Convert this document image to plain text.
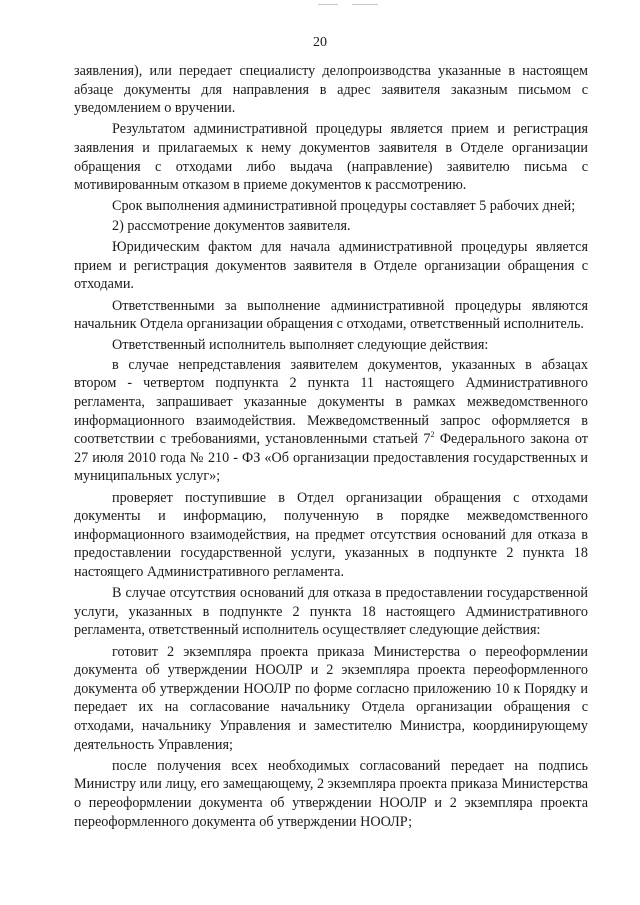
20

заявления), или передает специалисту делопроизводства указанные в настоящем абзаце документы для направления в адрес заявителя заказным письмом с уведомлением о вручении.

Результатом административной процедуры является прием и регистрация заявления и прилагаемых к нему документов заявителя в Отделе организации обращения с отходами либо выдача (направление) заявителю письма с мотивированным отказом в приеме документов к рассмотрению.

Срок выполнения административной процедуры составляет 5 рабочих дней;

2) рассмотрение документов заявителя.

Юридическим фактом для начала административной процедуры является прием и регистрация документов заявителя в Отделе организации обращения с отходами.

Ответственными за выполнение административной процедуры являются начальник Отдела организации обращения с отходами, ответственный исполнитель.

Ответственный исполнитель выполняет следующие действия:

в случае непредставления заявителем документов, указанных в абзацах втором - четвертом подпункта 2 пункта 11 настоящего Административного регламента, запрашивает указанные документы в рамках межведомственного информационного взаимодействия. Межведомственный запрос оформляется в соответствии с требованиями, установленными статьей $7^2$ Федерального закона от 27 июля 2010 года № 210 - ФЗ «Об организации предоставления государственных и муниципальных услуг»;

проверяет поступившие в Отдел организации обращения с отходами документы и информацию, полученную в порядке межведомственного информационного взаимодействия, на предмет отсутствия оснований для отказа в предоставлении государственной услуги, указанных в подпункте 2 пункта 18 настоящего Административного регламента.

В случае отсутствия оснований для отказа в предоставлении государственной услуги, указанных в подпункте 2 пункта 18 настоящего Административного регламента, ответственный исполнитель осуществляет следующие действия:

готовит 2 экземпляра проекта приказа Министерства о переоформлении документа об утверждении НООЛР и 2 экземпляра проекта переоформленного документа об утверждении НООЛР по форме согласно приложению 10 к Порядку и передает их на согласование начальнику Отдела организации обращения с отходами, начальнику Управления и заместителю Министра, координирующему деятельность Управления;

после получения всех необходимых согласований передает на подпись Министру или лицу, его замещающему, 2 экземпляра проекта приказа Министерства о переоформлении документа об утверждении НООЛР и 2 экземпляра проекта переоформленного документа об утверждении НООЛР;
